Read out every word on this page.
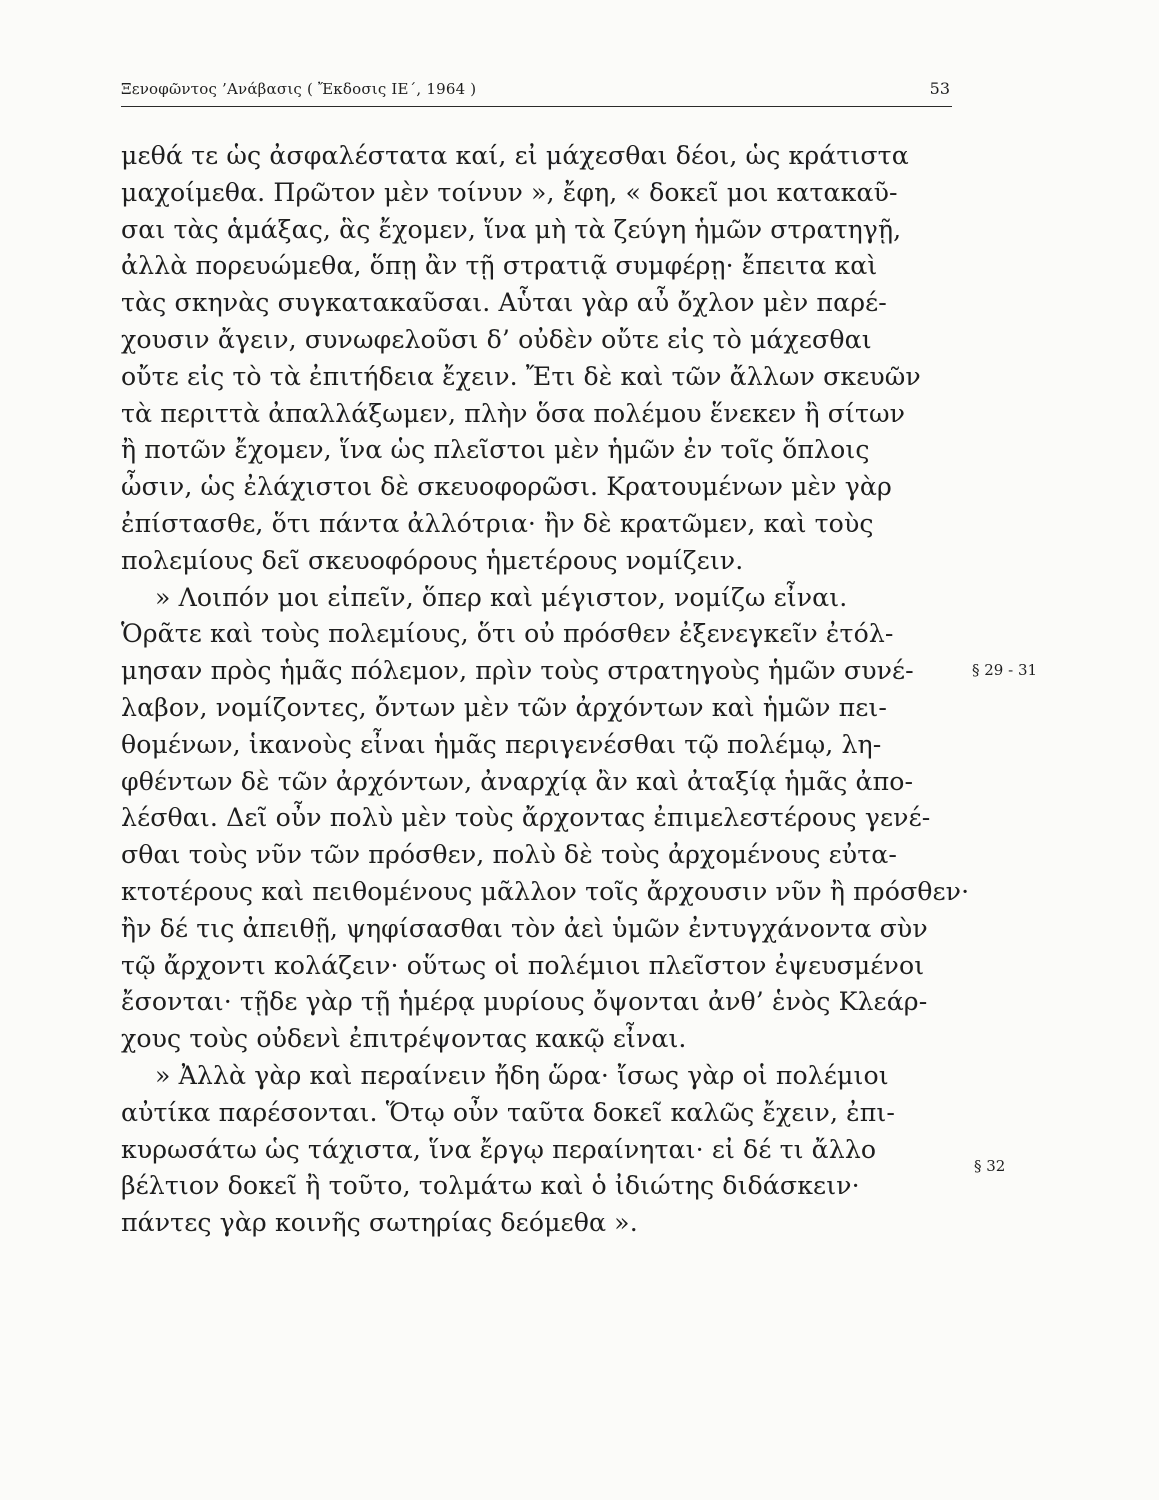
Ξενοφῶντος ’Ανάβασις ( Ἔκδοσις ΙΕ΄, 1964 )	53
μεθά τε ὡς ἀσφαλέστατα καί, εἰ μάχεσθαι δέοι, ὡς κράτιστα
μαχοίμεθα. Πρῶτον μὲν τοίνυν », ἔφη, « δοκεῖ μοι κατακαῦ-
σαι τὰς ἁμάξας, ἃς ἔχομεν, ἵνα μὴ τὰ ζεύγη ἡμῶν στρατηγῇ,
ἀλλὰ πορευώμεθα, ὅπῃ ἂν τῇ στρατιᾷ συμφέρῃ· ἔπειτα καὶ
τὰς σκηνὰς συγκατακαῦσαι. Αὗται γὰρ αὖ ὄχλον μὲν παρέ-
χουσιν ἄγειν, συνωφελοῦσι δ’ οὐδὲν οὔτε εἰς τὸ μάχεσθαι
οὔτε εἰς τὸ τὰ ἐπιτήδεια ἔχειν. Ἔτι δὲ καὶ τῶν ἄλλων σκευῶν
τὰ περιττὰ ἀπαλλάξωμεν, πλὴν ὅσα πολέμου ἕνεκεν ἢ σίτων
ἢ ποτῶν ἔχομεν, ἵνα ὡς πλεῖστοι μὲν ἡμῶν ἐν τοῖς ὅπλοις
ὦσιν, ὡς ἐλάχιστοι δὲ σκευοφορῶσι. Κρατουμένων μὲν γὰρ
ἐπίστασθε, ὅτι πάντα ἀλλότρια· ἢν δὲ κρατῶμεν, καὶ τοὺς
πολεμίους δεῖ σκευοφόρους ἡμετέρους νομίζειν.
» Λοιπόν μοι εἰπεῖν, ὅπερ καὶ μέγιστον, νομίζω εἶναι.
Ὁρᾶτε καὶ τοὺς πολεμίους, ὅτι οὐ πρόσθεν ἐξενεγκεῖν ἐτόλ-
μησαν πρὸς ἡμᾶς πόλεμον, πρὶν τοὺς στρατηγοὺς ἡμῶν συνέ-
λαβον, νομίζοντες, ὄντων μὲν τῶν ἀρχόντων καὶ ἡμῶν πει-
θομένων, ἱκανοὺς εἶναι ἡμᾶς περιγενέσθαι τῷ πολέμῳ, λη-
φθέντων δὲ τῶν ἀρχόντων, ἀναρχίᾳ ἂν καὶ ἀταξίᾳ ἡμᾶς ἀπο-
λέσθαι. Δεῖ οὖν πολὺ μὲν τοὺς ἄρχοντας ἐπιμελεστέρους γενέ-
σθαι τοὺς νῦν τῶν πρόσθεν, πολὺ δὲ τοὺς ἀρχομένους εὐτα-
κτοτέρους καὶ πειθομένους μᾶλλον τοῖς ἄρχουσιν νῦν ἢ πρόσθεν·
ἢν δέ τις ἀπειθῇ, ψηφίσασθαι τὸν ἀεὶ ὑμῶν ἐντυγχάνοντα σὺν
τῷ ἄρχοντι κολάζειν· οὕτως οἱ πολέμιοι πλεῖστον ἐψευσμένοι
ἔσονται· τῇδε γὰρ τῇ ἡμέρᾳ μυρίους ὄψονται ἀνθ’ ἑνὸς Κλεάρ-
χους τοὺς οὐδενὶ ἐπιτρέψοντας κακῷ εἶναι.
» Ἀλλὰ γὰρ καὶ περαίνειν ἤδη ὥρα· ἴσως γὰρ οἱ πολέμιοι
αὐτίκα παρέσονται. Ὅτῳ οὖν ταῦτα δοκεῖ καλῶς ἔχειν, ἐπι-
κυρωσάτω ὡς τάχιστα, ἵνα ἔργῳ περαίνηται· εἰ δέ τι ἄλλο
βέλτιον δοκεῖ ἢ τοῦτο, τολμάτω καὶ ὁ ἰδιώτης διδάσκειν·
πάντες γὰρ κοινῆς σωτηρίας δεόμεθα ».
§ 29 - 31
§ 32
